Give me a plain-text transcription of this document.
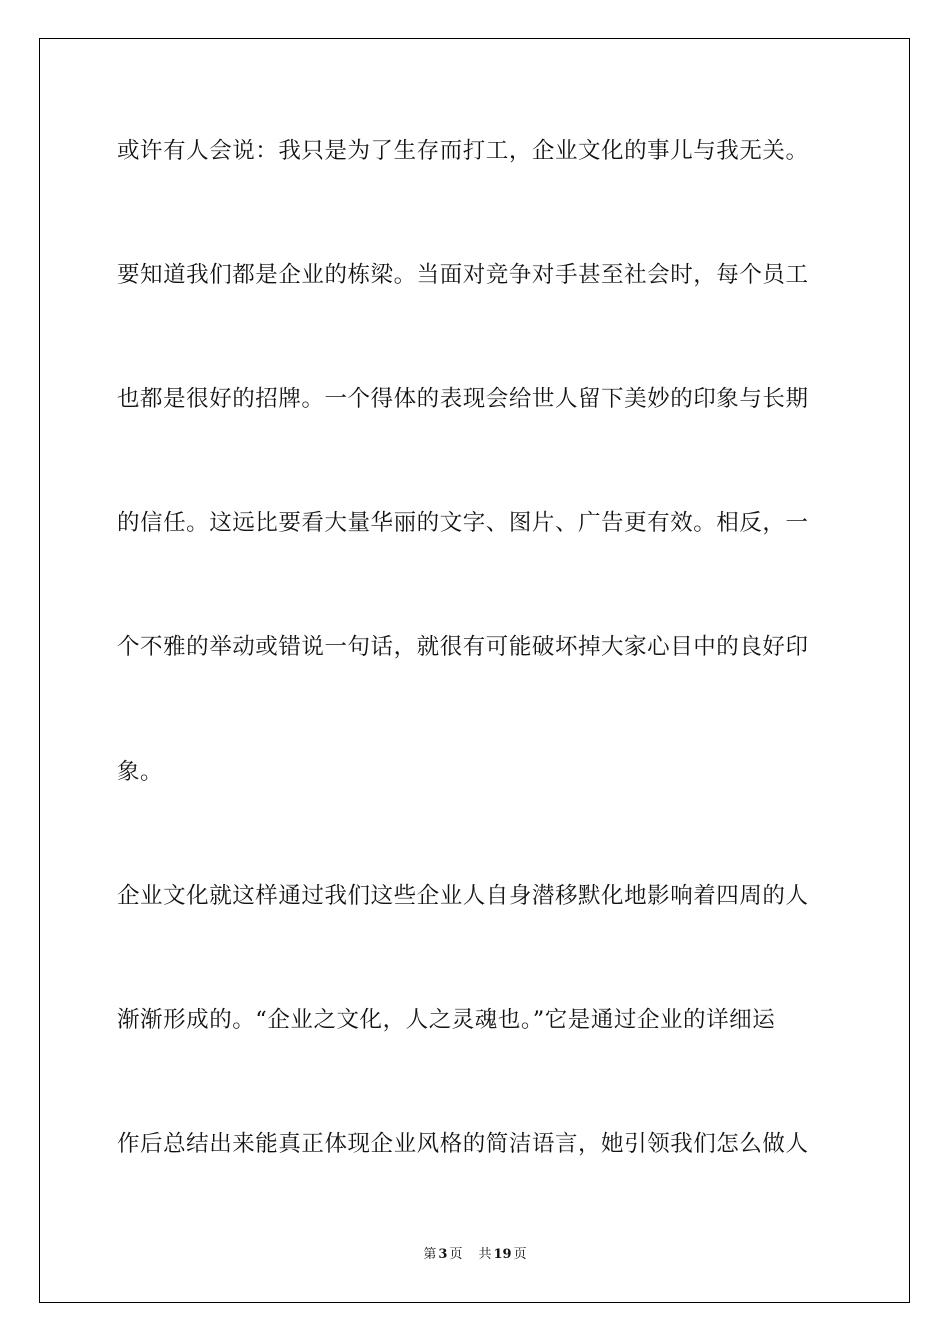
或许有人会说：我只是为了生存而打工，企业文化的事儿与我无关。
要知道我们都是企业的栋梁。当面对竞争对手甚至社会时，每个员工
也都是很好的招牌。一个得体的表现会给世人留下美妙的印象与长期
的信任。这远比要看大量华丽的文字、图片、广告更有效。相反，一
个不雅的举动或错说一句话，就很有可能破坏掉大家心目中的良好印
象。
企业文化就这样通过我们这些企业人自身潜移默化地影响着四周的人
渐渐形成的。“企业之文化，人之灵魂也。”它是通过企业的详细运
作后总结出来能真正体现企业风格的简洁语言，她引领我们怎么做人
第 3 页 共 19 页
